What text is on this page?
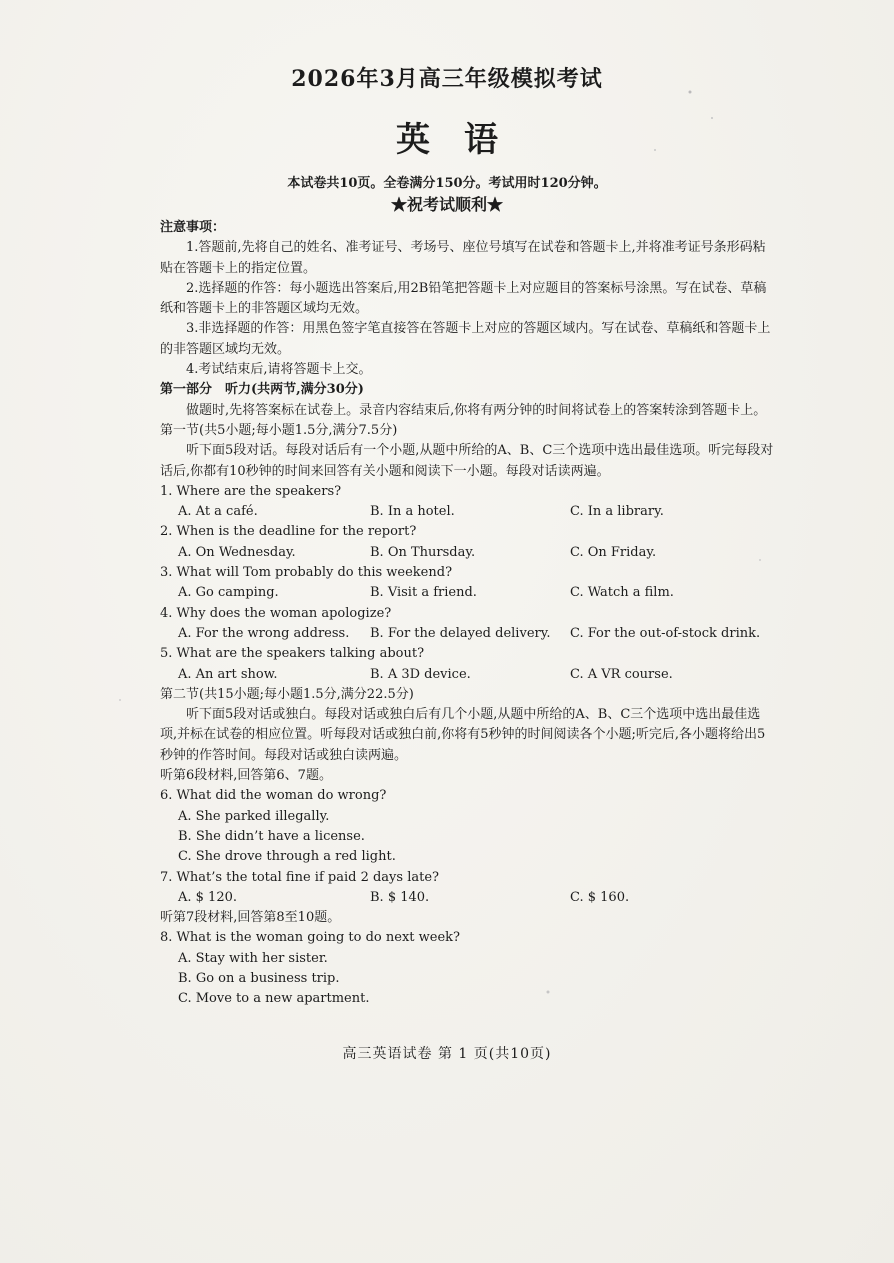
2026年3月高三年级模拟考试
英语
本试卷共10页。全卷满分150分。考试用时120分钟。
★祝考试顺利★

注意事项：

1.答题前,先将自己的姓名、准考证号、考场号、座位号填写在试卷和答题卡上,并将准考证号条形码粘贴在答题卡上的指定位置。

2.选择题的作答：每小题选出答案后,用2B铅笔把答题卡上对应题目的答案标号涂黑。写在试卷、草稿纸和答题卡上的非答题区域均无效。

3.非选择题的作答：用黑色签字笔直接答在答题卡上对应的答题区域内。写在试卷、草稿纸和答题卡上的非答题区域均无效。

4.考试结束后,请将答题卡上交。

第一部分　听力(共两节,满分30分)

做题时,先将答案标在试卷上。录音内容结束后,你将有两分钟的时间将试卷上的答案转涂到答题卡上。

第一节(共5小题;每小题1.5分,满分7.5分)

听下面5段对话。每段对话后有一个小题,从题中所给的A、B、C三个选项中选出最佳选项。听完每段对话后,你都有10秒钟的时间来回答有关小题和阅读下一小题。每段对话读两遍。

1. Where are the speakers?

A. At a café.	B. In a hotel.	C. In a library.

2. When is the deadline for the report?

A. On Wednesday.	B. On Thursday.	C. On Friday.

3. What will Tom probably do this weekend?

A. Go camping.	B. Visit a friend.	C. Watch a film.

4. Why does the woman apologize?

A. For the wrong address.	B. For the delayed delivery.	C. For the out-of-stock drink.

5. What are the speakers talking about?

A. An art show.	B. A 3D device.	C. A VR course.

第二节(共15小题;每小题1.5分,满分22.5分)

听下面5段对话或独白。每段对话或独白后有几个小题,从题中所给的A、B、C三个选项中选出最佳选项,并标在试卷的相应位置。听每段对话或独白前,你将有5秒钟的时间阅读各个小题;听完后,各小题将给出5秒钟的作答时间。每段对话或独白读两遍。

听第6段材料,回答第6、7题。

6. What did the woman do wrong?

A. She parked illegally.

B. She didn’t have a license.

C. She drove through a red light.

7. What’s the total fine if paid 2 days late?

A. $ 120.	B. $ 140.	C. $ 160.

听第7段材料,回答第8至10题。

8. What is the woman going to do next week?

A. Stay with her sister.

B. Go on a business trip.

C. Move to a new apartment.

高三英语试卷 第 1 页(共10页)
